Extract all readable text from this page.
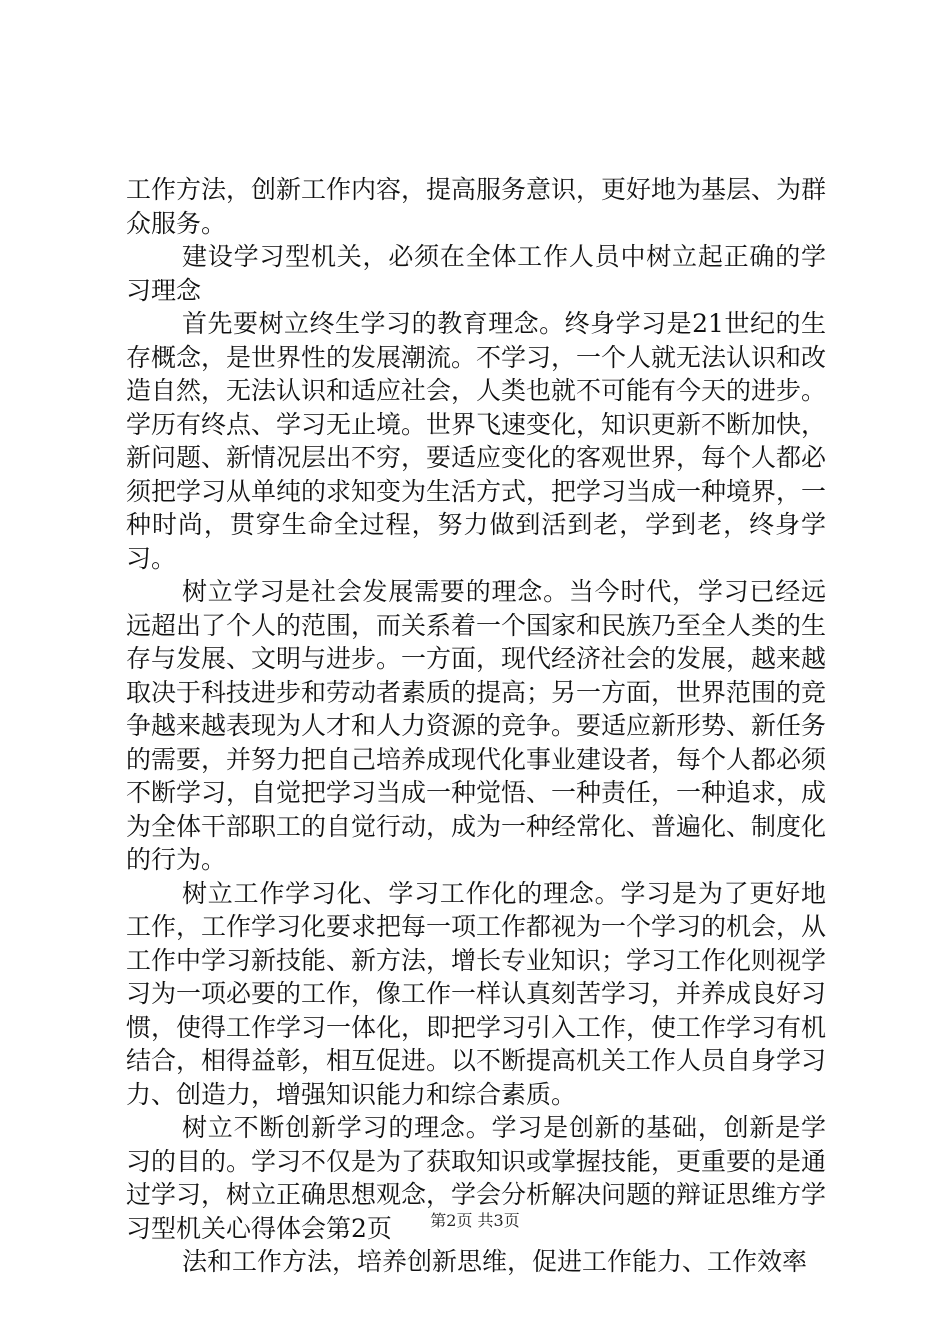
工作方法，创新工作内容，提高服务意识，更好地为基层、为群众服务。

建设学习型机关，必须在全体工作人员中树立起正确的学习理念

首先要树立终生学习的教育理念。终身学习是21世纪的生存概念，是世界性的发展潮流。不学习，一个人就无法认识和改造自然，无法认识和适应社会，人类也就不可能有今天的进步。学历有终点、学习无止境。世界飞速变化，知识更新不断加快，新问题、新情况层出不穷，要适应变化的客观世界，每个人都必须把学习从单纯的求知变为生活方式，把学习当成一种境界，一种时尚，贯穿生命全过程，努力做到活到老，学到老，终身学习。

树立学习是社会发展需要的理念。当今时代，学习已经远远超出了个人的范围，而关系着一个国家和民族乃至全人类的生存与发展、文明与进步。一方面，现代经济社会的发展，越来越取决于科技进步和劳动者素质的提高；另一方面，世界范围的竞争越来越表现为人才和人力资源的竞争。要适应新形势、新任务的需要，并努力把自己培养成现代化事业建设者，每个人都必须不断学习，自觉把学习当成一种觉悟、一种责任，一种追求，成为全体干部职工的自觉行动，成为一种经常化、普遍化、制度化的行为。

树立工作学习化、学习工作化的理念。学习是为了更好地工作，工作学习化要求把每一项工作都视为一个学习的机会，从工作中学习新技能、新方法，增长专业知识；学习工作化则视学习为一项必要的工作，像工作一样认真刻苦学习，并养成良好习惯，使得工作学习一体化，即把学习引入工作，使工作学习有机结合，相得益彰，相互促进。以不断提高机关工作人员自身学习力、创造力，增强知识能力和综合素质。

树立不断创新学习的理念。学习是创新的基础，创新是学习的目的。学习不仅是为了获取知识或掌握技能，更重要的是通过学习，树立正确思想观念，学会分析解决问题的辩证思维方学习型机关心得体会第2页

法和工作方法，培养创新思维，促进工作能力、工作效率

第2页 共3页
